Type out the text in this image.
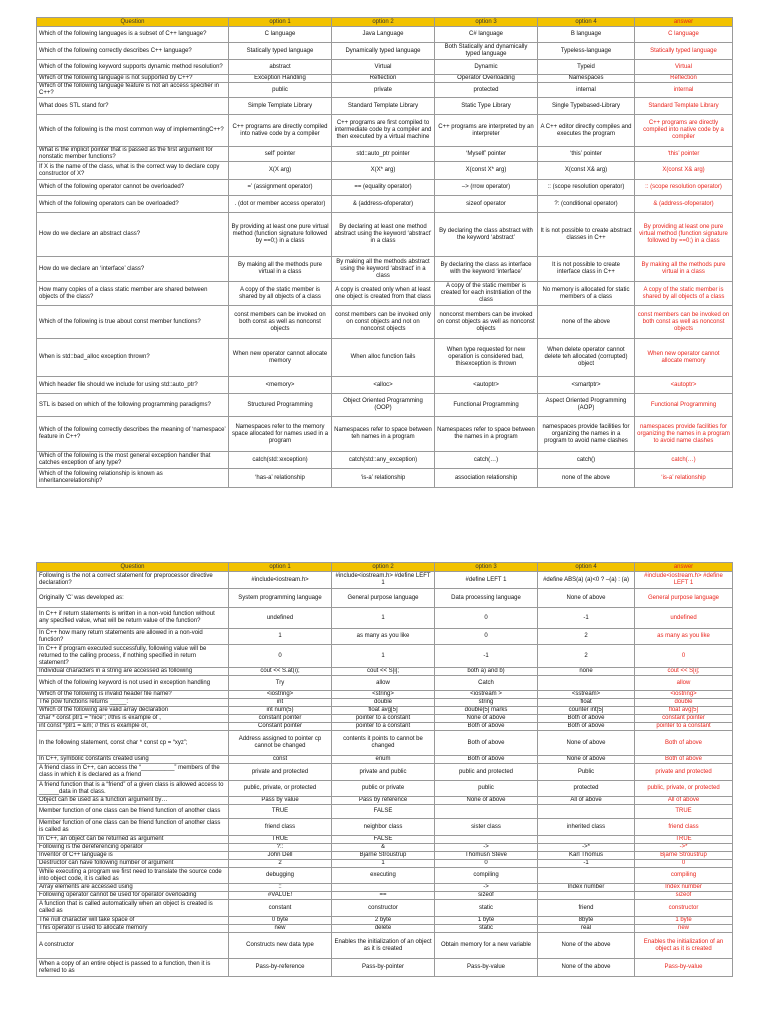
Question	option 1	option 2	option 3	option 4	answer
Which of the following languages is a subset of C++ language?	C language	Java Language	C# language	B language	C language
Which of the following correctly describes C++ language?	Statically typed language	Dynamically typed language	Both Statically and dynamically typed language	Typeless-language	Statically typed language
Which of the following keyword supports dynamic method resolution?	abstract	Virtual	Dynamic	Typeid	Virtual
Which of the following language is not supported by C++?	Exception Handling	Reflection	Operator Overloading	Namespaces	Reflection
Which of the following language feature is not an access specifier in C++?	public	private	protected	internal	internal
What does STL stand for?	Simple Template Library	Standard Template Library	Static Type Library	Single Typebased-Library	Standard Template Library
Which of the following is the most common way of implementingC++?	C++ programs are directly compiled into native code by a compiler	C++ programs are first compiled to intermediate code by a compiler and then executed by a virtual machine	C++ programs are interpreted by an interpreter	A C++ editor directly compiles and executes the program	C++ programs are directly compiled into native code by a compiler
What is the implicit pointer that is passed as the first argument for nonstatic member functions?	self’ pointer	std::auto_ptr pointer	‘Myself’ pointer	‘this’ pointer	‘this’ pointer
If X is the name of the class, what is the correct way to declare copy constructor of X?	X(X arg)	X(X* arg)	X(const X* arg)	X(const X& arg)	X(const X& arg)
Which of the following operator cannot be overloaded?	=’ (assignment operator)	== (equality operator)	–> (rrow operator)	:: (scope resolution operator)	:: (scope resolution operator)
Which of the following operators can be overloaded?	. (dot or member access operator)	& (address-ofoperator)	sizeof operator	?: (conditional operator)	& (address-ofoperator)
How do we declare an abstract class?	By providing at least one pure virtual method (function signature followed by ==0;) in a class	By declaring at least one method abstract using the keyword ‘abstract’ in a class	By declaring the class abstract with the keyword ‘abstract’	It is not possible to create abstract classes in C++	By providing at least one pure virtual method (function signature followed by ==0;) in a class
How do we declare an ‘interface’ class?	By making all the methods pure virtual in a class	By making all the methods abstract using the keyword ‘abstract’ in a class	By declaring the class as interface with the keyword ‘interface’	It is not possible to create interface class in C++	By making all the methods pure virtual in a class
How many copies of a class static member are shared between objects of the class?	A copy of the static member is shared by all objects of a class	A copy is created only when at least one object is created from that class	A copy of the static member is created for each instntiation of the class	No memory is allocated for static members of a class	A copy of the static member is shared by all objects of a class
Which of the following is true about const member functions?	const members can be invoked on both const as well as nonconst objects	const members can be invoked only on const objects and not on nonconst objects	nonconst members can be invoked on const objects as well as nonconst objects	none of the above	const members can be invoked on both const as well as nonconst objects
When is std::bad_alloc exception thrown?	When new operator cannot allocate memory	When alloc function fails	When type requested for new operation is considered bad, thisexception is thrown	When delete operator cannot delete teh allocated (corrupted) object	When new operator cannot allocate memory
Which header file should we include for using std::auto_ptr?	<memory>	<alloc>	<autoptr>	<smartptr>	<autoptr>
STL is based on which of the following programming paradigms?	Structured Programming	Object Oriented Programming (OOP)	Functional Programming	Aspect Oriented Programming (AOP)	Functional Programming
Which of the following correctly describes the meaning of ‘namespace’ feature in C++?	Namespaces refer to the memory space allocated for names used in a program	Namespaces refer to space between teh names in a program	Namespaces refer to space between the names in a program	namespaces provide facilities for organizing the names in a program to avoid name clashes	namespaces provide facilities for organizing the names in a program to avoid name clashes
Which of the following is the most general exception handler that catches exception of any type?	catch(std::exception)	catch(std::any_exception)	catch(…)	catch()	catch(…)
Which of the following relationship is known as inheritancerelationship?	‘has-a’ relationship	‘is-a’ relationship	association relationship	none of the above	‘is-a’ relationship
Question	option 1	option 2	option 3	option 4	answer
Following is the not a correct statement for preprocessor directive declaration?	#include<iostream.h>	#include<iostream.h> #define LEFT 1	#define LEFT 1	#define ABS(a) (a)<0 ? –(a) : (a)	#include<iostream.h> #define LEFT 1
Originally ‘C’ was developed as:	System programming language	General purpose language	Data processing language	None of above	General purpose language
In C++ if return statements is written in a non-void function without any specified value, what will be return value of the function?	undefined	1	0	-1	undefined
In C++ how many return statements are allowed in a non-void function?	1	as many as you like	0	2	as many as you like
In C++ if program executed successfully, following value will be returned to the calling process, if nothing specified in return statement?	0	1	-1	2	0
Individual characters in a string are accessed as following	cout << S.at(i);	cout << S[i];	both a) and b)	none	cout << S[i];
Which of the following keyword is not used in exception handling	Try	allow	Catch		allow
Which of the following is invalid header file name?	<iostring>	<string>	<iostream >	<sstream>	<iostring>
The pow functions returns _____:	int	double	string	float	double
Which of the following are valid array declaration	int num(5)	float avg[5]	double[5] marks	counter int[5]	float avg[5]
char * const ptr1 = “nice”; //this is example of ,	constant pointer	pointer to a constant	None of above	Both of above	constant pointer
int const *ptr1 = &m; // this is example of,	Constant pointer	pointer to a constant	Both of above	Both of above	pointer to a constant
In the following statement, const char * const cp = “xyz”;	Address assigned to pointer cp cannot be changed	contents it points to cannot be changed	Both of above	None of above	Both of above
In C++, symbolic constants created using	const	enum	Both of above	None of above	Both of above
A friend class in C++, can access the “__________” members of the class in which it is declared as a friend	private and protected	private and public	public and protected	Public	private and protected
A friend function that is a “friend” of a given class is allowed access to ______data in that class.	public, private, or protected	public or private	public	protected	public, private, or protected
Object can be used as a function argument by…	Pass by value	Pass by reference	None of above	All of above	All of above
Member function of one class can be friend function of another class	TRUE	FALSE			TRUE
Member function of one class can be friend function of another class is called as	friend class	neighbor class	sister class	inherited class	friend class
In C++, an object can be returned as argument	TRUE	FALSE			TRUE
Following is the dereferencing operator	?::	&	->	->*	->*
Inventor of C++ language is	John Dell	Bjarne Stroustrup	Thomusn Steve	Karl Thomus	Bjarne Stroustrup
Destructor can have following number of argument	2	1	0	-1	0
While executing a program we first need to translate the source code into object code, it is called as	debugging	executing	compiling		compiling
Array elements are accessed using	::		->	Index number	Index number
Following operator cannot be used for operator overloading	#VALUE!	==	sizeof		sizeof
A function that is called automatically when an object is created is called as	constant	constructor	static	friend	constructor
The null character will take space of	0 byte	2 byte	1 byte	8byte	1 byte
This operator is used to allocate memory	new	delete	static	real	new
A constructor	Constructs new data type	Enables the initialization of an object as it is created	Obtain memory for a new variable	None of the above	Enables the initialization of an object as it is created
When a copy of an entire object is passed to a function, then it is referred to as	Pass-by-reference	Pass-by-pointer	Pass-by-value	None of the above	Pass-by-value
